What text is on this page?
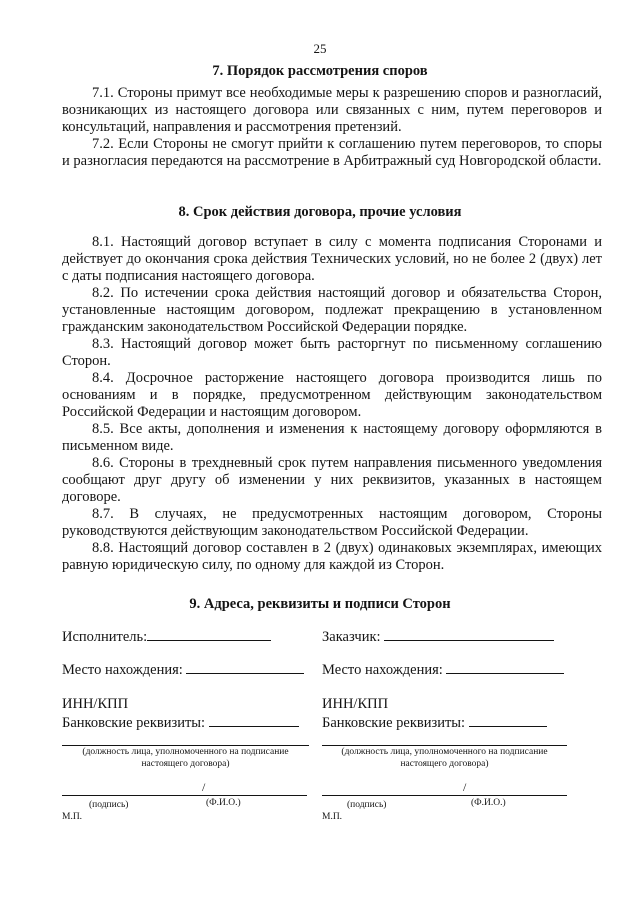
25
7. Порядок рассмотрения споров
7.1. Стороны примут все необходимые меры к разрешению споров и разногласий, возникающих из настоящего договора или связанных с ним, путем переговоров и консультаций, направления и рассмотрения претензий.
7.2. Если Стороны не смогут прийти к соглашению путем переговоров, то споры и разногласия передаются на рассмотрение в Арбитражный суд Новгородской области.
8. Срок действия договора, прочие условия
8.1. Настоящий договор вступает в силу с момента подписания Сторонами и действует до окончания срока действия Технических условий, но не более 2 (двух) лет с даты подписания настоящего договора.
8.2. По истечении срока действия настоящий договор и обязательства Сторон, установленные настоящим договором, подлежат прекращению в установленном гражданским законодательством Российской Федерации порядке.
8.3. Настоящий договор может быть расторгнут по письменному соглашению Сторон.
8.4. Досрочное расторжение настоящего договора производится лишь по основаниям и в порядке, предусмотренном действующим законодательством Российской Федерации и настоящим договором.
8.5. Все акты, дополнения и изменения к настоящему договору оформляются в письменном виде.
8.6. Стороны в трехдневный срок путем направления письменного уведомления сообщают друг другу об изменении у них реквизитов, указанных в настоящем договоре.
8.7. В случаях, не предусмотренных настоящим договором, Стороны руководствуются действующим законодательством Российской Федерации.
8.8. Настоящий договор составлен в 2 (двух) одинаковых экземплярах, имеющих равную юридическую силу, по одному для каждой из Сторон.
9. Адреса, реквизиты и подписи Сторон
Исполнитель:
Место нахождения:
ИНН/КПП
Банковские реквизиты:
(должность лица, уполномоченного на подписание настоящего договора)
/
(подпись)	(Ф.И.О.)
М.П.
Заказчик:
Место нахождения:
ИНН/КПП
Банковские реквизиты:
(должность лица, уполномоченного на подписание настоящего договора)
/
(подпись)	(Ф.И.О.)
М.П.
